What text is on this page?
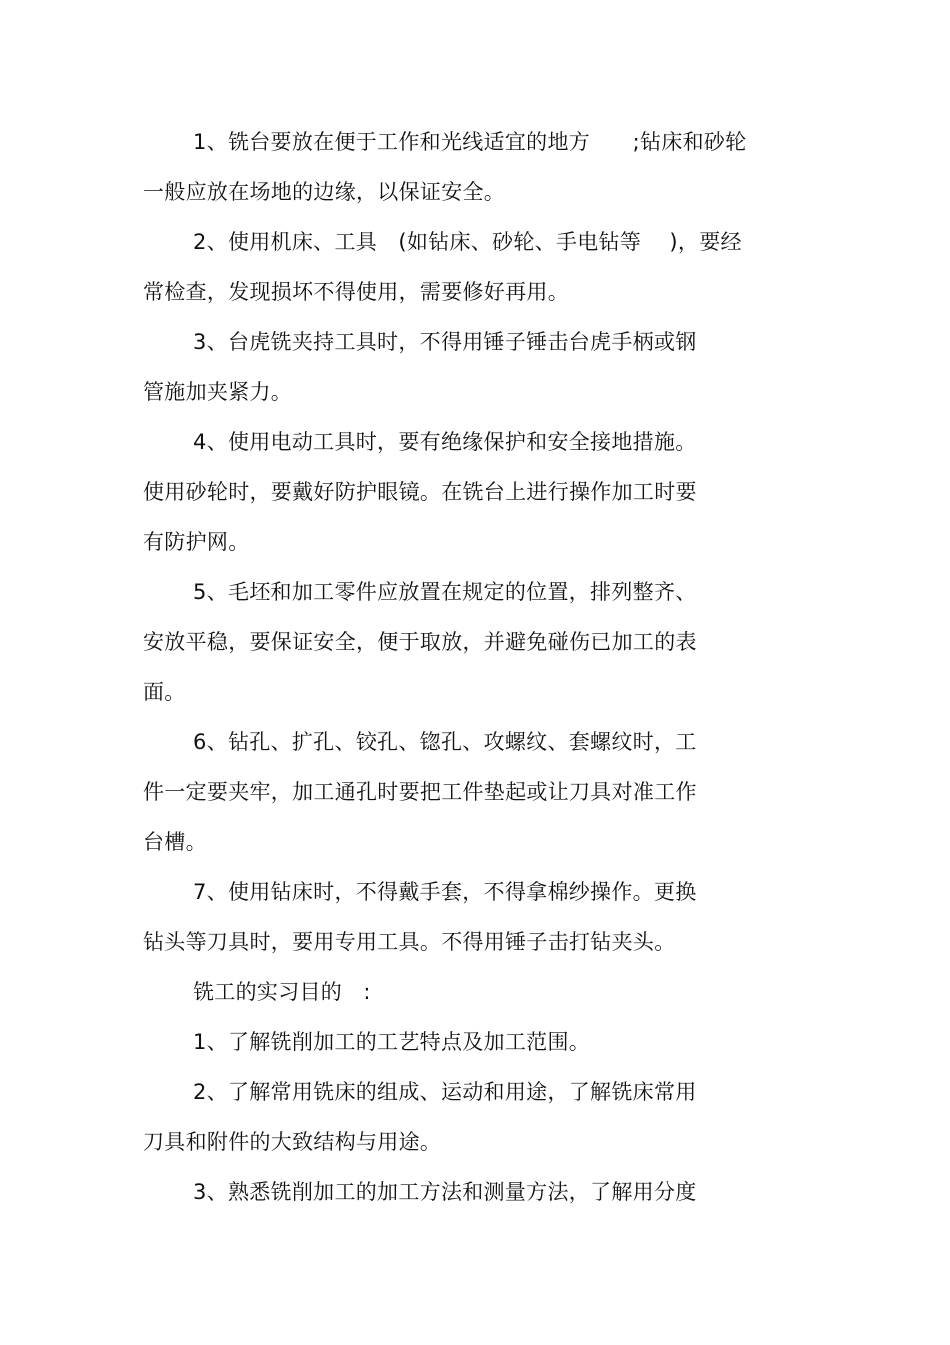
1、铣台要放在便于工作和光线适宜的地方　　;钻床和砂轮
一般应放在场地的边缘，以保证安全。
2、使用机床、工具　(如钻床、砂轮、手电钻等　 )，要经
常检查，发现损坏不得使用，需要修好再用。
3、台虎铣夹持工具时，不得用锤子锤击台虎手柄或钢
管施加夹紧力。
4、使用电动工具时，要有绝缘保护和安全接地措施。
使用砂轮时，要戴好防护眼镜。在铣台上进行操作加工时要
有防护网。
5、毛坯和加工零件应放置在规定的位置，排列整齐、
安放平稳，要保证安全，便于取放，并避免碰伤已加工的表
面。
6、钻孔、扩孔、铰孔、锪孔、攻螺纹、套螺纹时，工
件一定要夹牢，加工通孔时要把工件垫起或让刀具对准工作
台槽。
7、使用钻床时，不得戴手套，不得拿棉纱操作。更换
钻头等刀具时，要用专用工具。不得用锤子击打钻夹头。
铣工的实习目的　:
1、了解铣削加工的工艺特点及加工范围。
2、了解常用铣床的组成、运动和用途，了解铣床常用
刀具和附件的大致结构与用途。
3、熟悉铣削加工的加工方法和测量方法，了解用分度
